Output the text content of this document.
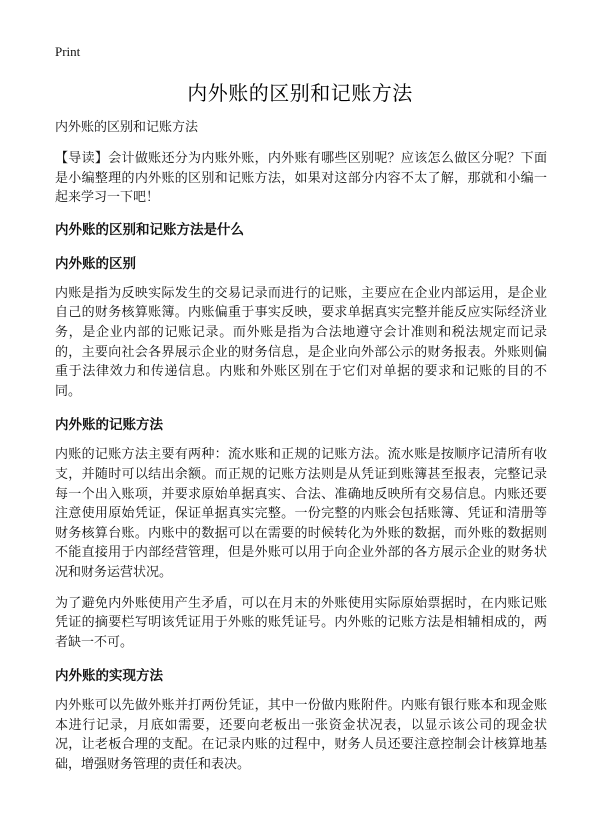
Print
内外账的区别和记账方法
内外账的区别和记账方法

【导读】会计做账还分为内账外账，内外账有哪些区别呢？应该怎么做区分呢？下面是小编整理的内外账的区别和记账方法，如果对这部分内容不太了解，那就和小编一起来学习一下吧！

内外账的区别和记账方法是什么
内外账的区别

内账是指为反映实际发生的交易记录而进行的记账，主要应在企业内部运用，是企业自己的财务核算账簿。内账偏重于事实反映，要求单据真实完整并能反应实际经济业务，是企业内部的记账记录。而外账是指为合法地遵守会计准则和税法规定而记录的，主要向社会各界展示企业的财务信息，是企业向外部公示的财务报表。外账则偏重于法律效力和传递信息。内账和外账区别在于它们对单据的要求和记账的目的不同。

内外账的记账方法

内账的记账方法主要有两种：流水账和正规的记账方法。流水账是按顺序记清所有收支，并随时可以结出余额。而正规的记账方法则是从凭证到账簿甚至报表，完整记录每一个出入账项，并要求原始单据真实、合法、准确地反映所有交易信息。内账还要注意使用原始凭证，保证单据真实完整。一份完整的内账会包括账簿、凭证和清册等财务核算台账。内账中的数据可以在需要的时候转化为外账的数据，而外账的数据则不能直接用于内部经营管理，但是外账可以用于向企业外部的各方展示企业的财务状况和财务运营状况。

为了避免内外账使用产生矛盾，可以在月末的外账使用实际原始票据时，在内账记账凭证的摘要栏写明该凭证用于外账的账凭证号。内外账的记账方法是相辅相成的，两者缺一不可。

内外账的实现方法

内外账可以先做外账并打两份凭证，其中一份做内账附件。内账有银行账本和现金账本进行记录，月底如需要，还要向老板出一张资金状况表，以显示该公司的现金状况，让老板合理的支配。在记录内账的过程中，财务人员还要注意控制会计核算地基础，增强财务管理的责任和表决。
